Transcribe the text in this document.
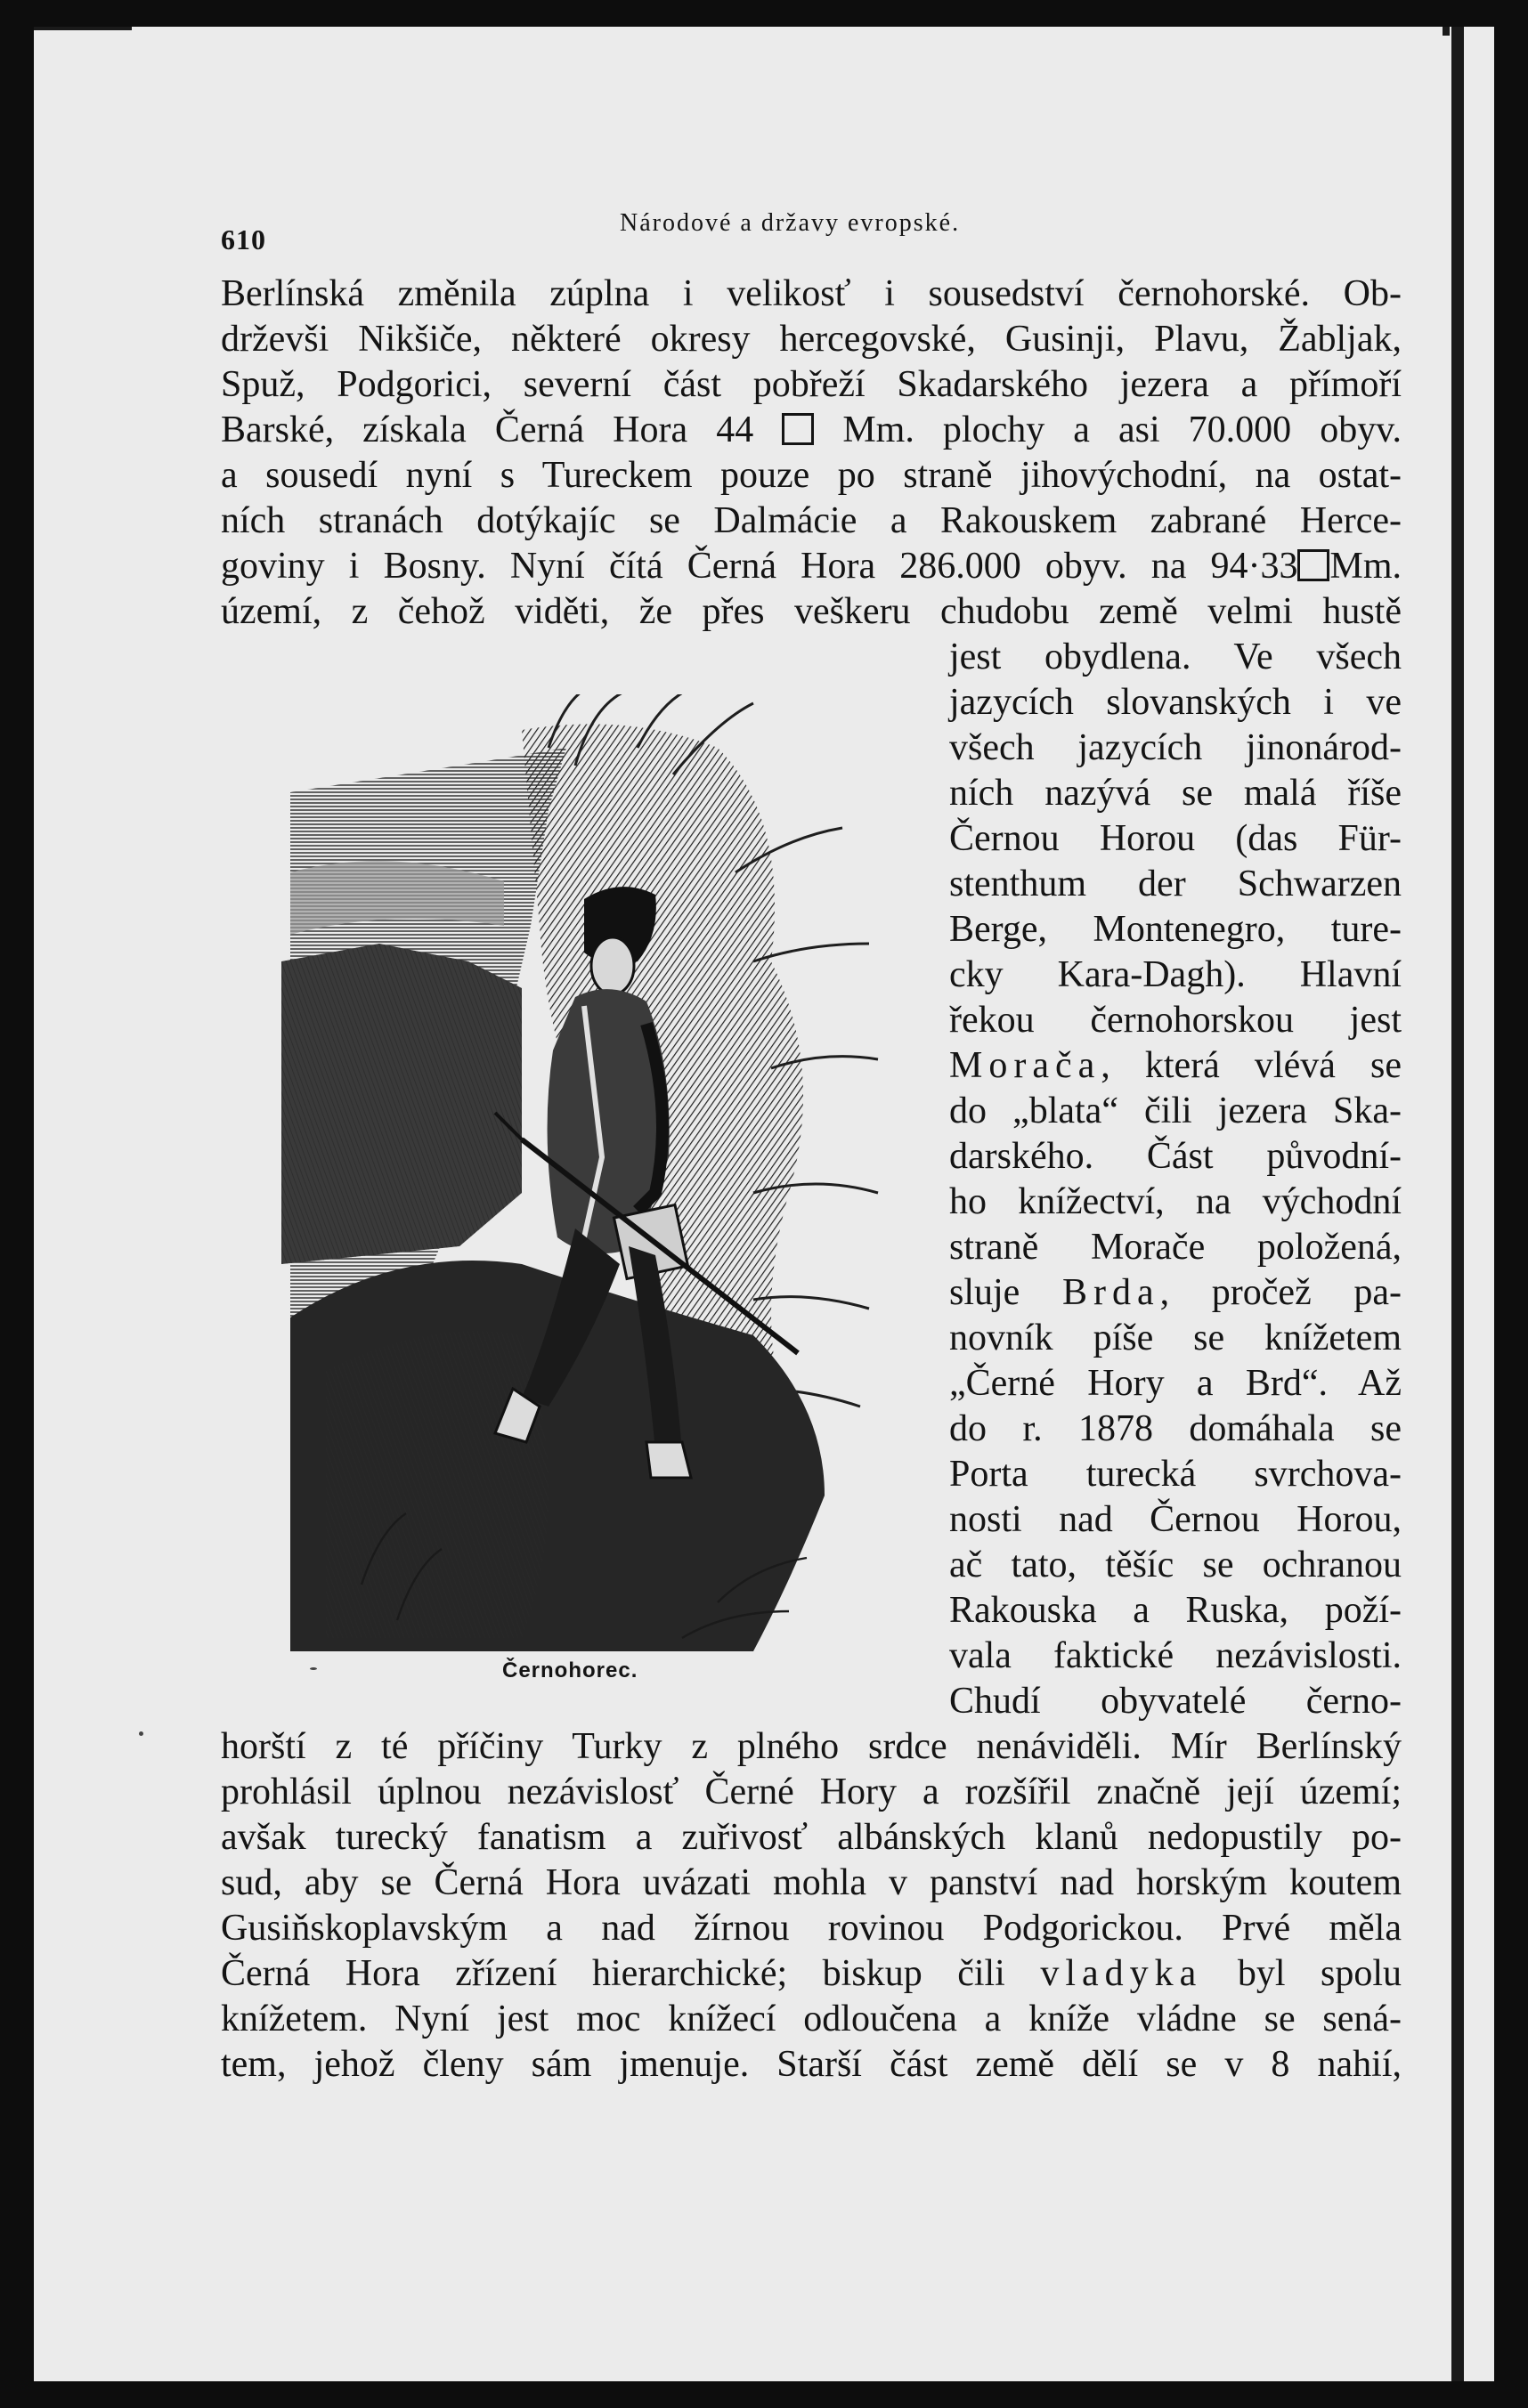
610
Národové a državy evropské.
Berlínská změnila zúplna i velikosť i sousedství černohorské. Ob-
drževši Nikšiče, některé okresy hercegovské, Gusinji, Plavu, Žabljak,
Spuž, Podgorici, severní část pobřeží Skadarského jezera a přímoří
Barské, získala Černá Hora 44 Mm. plochy a asi 70.000 obyv.
a sousedí nyní s Tureckem pouze po straně jihovýchodní, na ostat-
ních stranách dotýkajíc se Dalmácie a Rakouskem zabrané Herce-
goviny i Bosny. Nyní čítá Černá Hora 286.000 obyv. na 94·33 Mm.
území, z čehož viděti, že přes veškeru chudobu země velmi hustě
jest obydlena. Ve všech
jazycích slovanských i ve
všech jazycích jinonárod-
ních nazývá se malá říše
Černou Horou (das Für-
stenthum der Schwarzen
Berge, Montenegro, ture-
cky Kara-Dagh). Hlavní
řekou černohorskou jest
Morača, která vlévá se
do „blata“ čili jezera Ska-
darského. Část původní-
ho knížectví, na východní
straně Morače položená,
sluje Brda, pročež pa-
novník píše se knížetem
„Černé Hory a Brd“. Až
do r. 1878 domáhala se
Porta turecká svrchova-
nosti nad Černou Horou,
ač tato, těšíc se ochranou
Rakouska a Ruska, poží-
vala faktické nezávislosti.
Chudí obyvatelé černo-
horští z té příčiny Turky z plného srdce nenáviděli. Mír Berlínský
prohlásil úplnou nezávislosť Černé Hory a rozšířil značně její území;
avšak turecký fanatism a zuřivosť albánských klanů nedopustily po-
sud, aby se Černá Hora uvázati mohla v panství nad horským koutem
Gusiňskoplavským a nad žírnou rovinou Podgorickou. Prvé měla
Černá Hora zřízení hierarchické; biskup čili vladyka byl spolu
knížetem. Nyní jest moc knížecí odloučena a kníže vládne se sená-
tem, jehož členy sám jmenuje. Starší část země dělí se v 8 nahií,
Černohorec.
